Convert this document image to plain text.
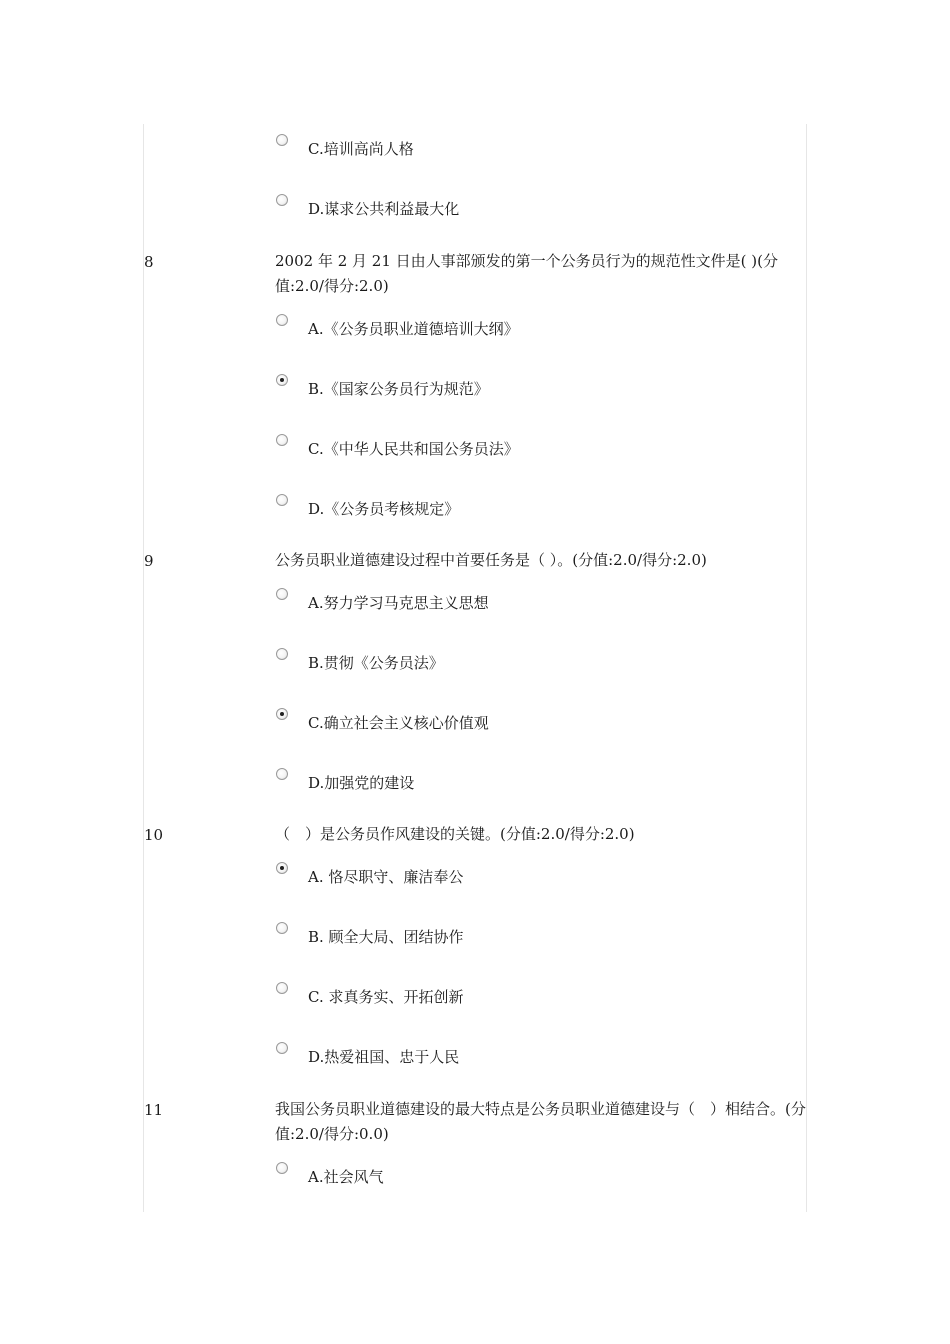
C.培训高尚人格
D.谋求公共利益最大化
8	2002 年 2 月 21 日由人事部颁发的第一个公务员行为的规范性文件是( )(分值:2.0/得分:2.0)
A.《公务员职业道德培训大纲》
B.《国家公务员行为规范》
C.《中华人民共和国公务员法》
D.《公务员考核规定》
9	公务员职业道德建设过程中首要任务是（ ）。(分值:2.0/得分:2.0)
A.努力学习马克思主义思想
B.贯彻《公务员法》
C.确立社会主义核心价值观
D.加强党的建设
10	（　）是公务员作风建设的关键。(分值:2.0/得分:2.0)
A. 恪尽职守、廉洁奉公
B. 顾全大局、团结协作
C. 求真务实、开拓创新
D.热爱祖国、忠于人民
11	我国公务员职业道德建设的最大特点是公务员职业道德建设与（　）相结合。(分值:2.0/得分:0.0)
A.社会风气
